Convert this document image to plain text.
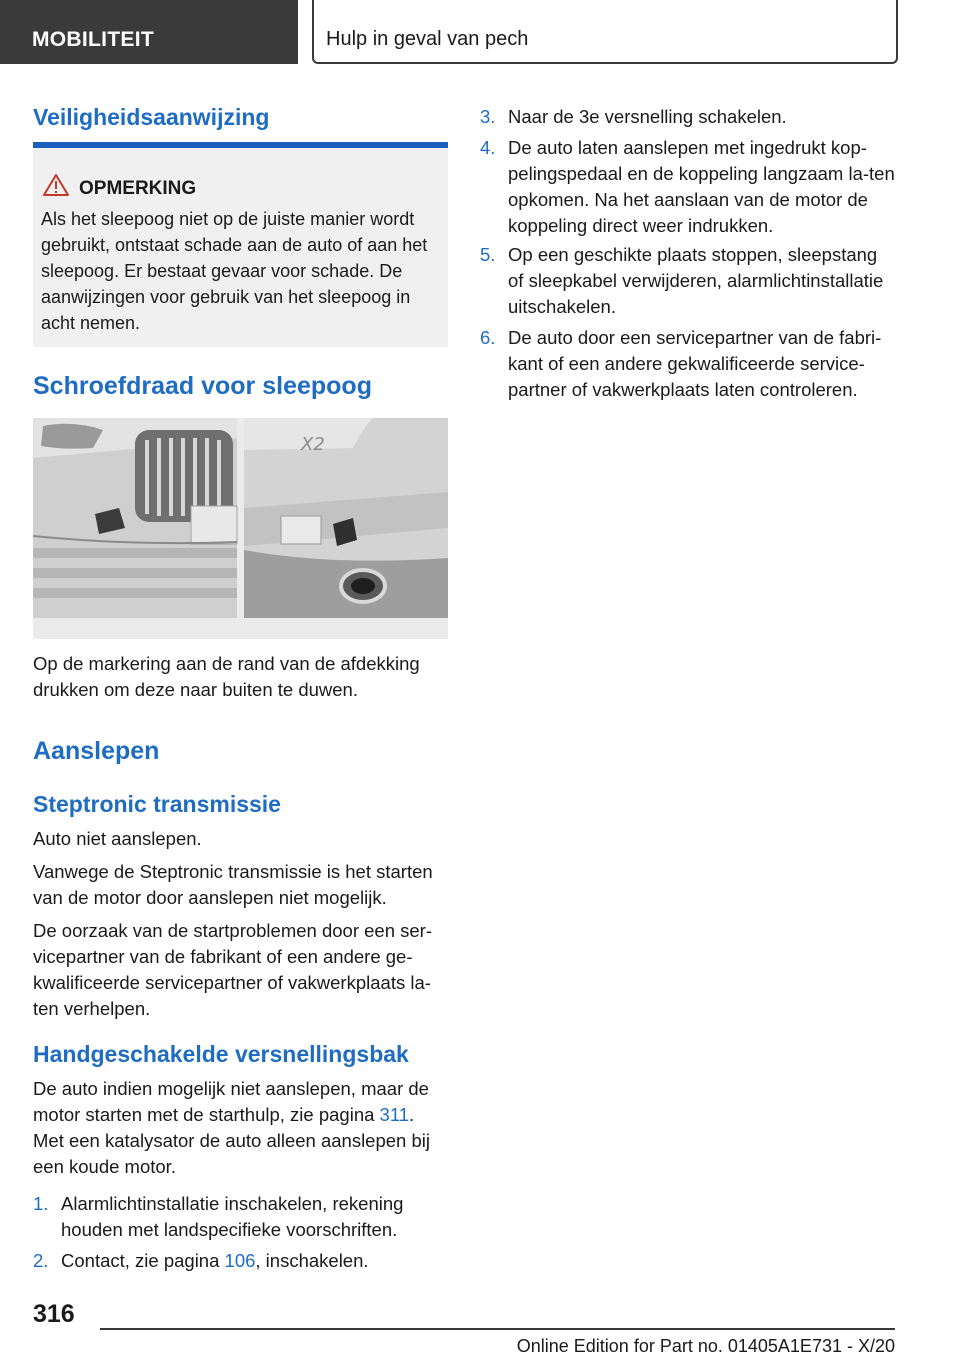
MOBILITEIT	Hulp in geval van pech
Veiligheidsaanwijzing
OPMERKING
Als het sleepoog niet op de juiste manier wordt gebruikt, ontstaat schade aan de auto of aan het sleepoog. Er bestaat gevaar voor schade. De aanwijzingen voor gebruik van het sleepoog in acht nemen.
Schroefdraad voor sleepoog
X2
Op de markering aan de rand van de afdekking drukken om deze naar buiten te duwen.
Aanslepen
Steptronic transmissie
Auto niet aanslepen.
Vanwege de Steptronic transmissie is het starten van de motor door aanslepen niet mogelijk.
De oorzaak van de startproblemen door een ser-vicepartner van de fabrikant of een andere ge-kwalificeerde servicepartner of vakwerkplaats la-ten verhelpen.
Handgeschakelde versnellingsbak
De auto indien mogelijk niet aanslepen, maar de motor starten met de starthulp, zie pagina 311.
Met een katalysator de auto alleen aanslepen bij een koude motor.
1. Alarmlichtinstallatie inschakelen, rekening houden met landspecifieke voorschriften.
2. Contact, zie pagina 106, inschakelen.
3. Naar de 3e versnelling schakelen.
4. De auto laten aanslepen met ingedrukt kop-pelingspedaal en de koppeling langzaam la-ten opkomen. Na het aanslaan van de motor de koppeling direct weer indrukken.
5. Op een geschikte plaats stoppen, sleepstang of sleepkabel verwijderen, alarmlichtinstallatie uitschakelen.
6. De auto door een servicepartner van de fabri-kant of een andere gekwalificeerde service-partner of vakwerkplaats laten controleren.
316
Online Edition for Part no. 01405A1E731 - X/20
